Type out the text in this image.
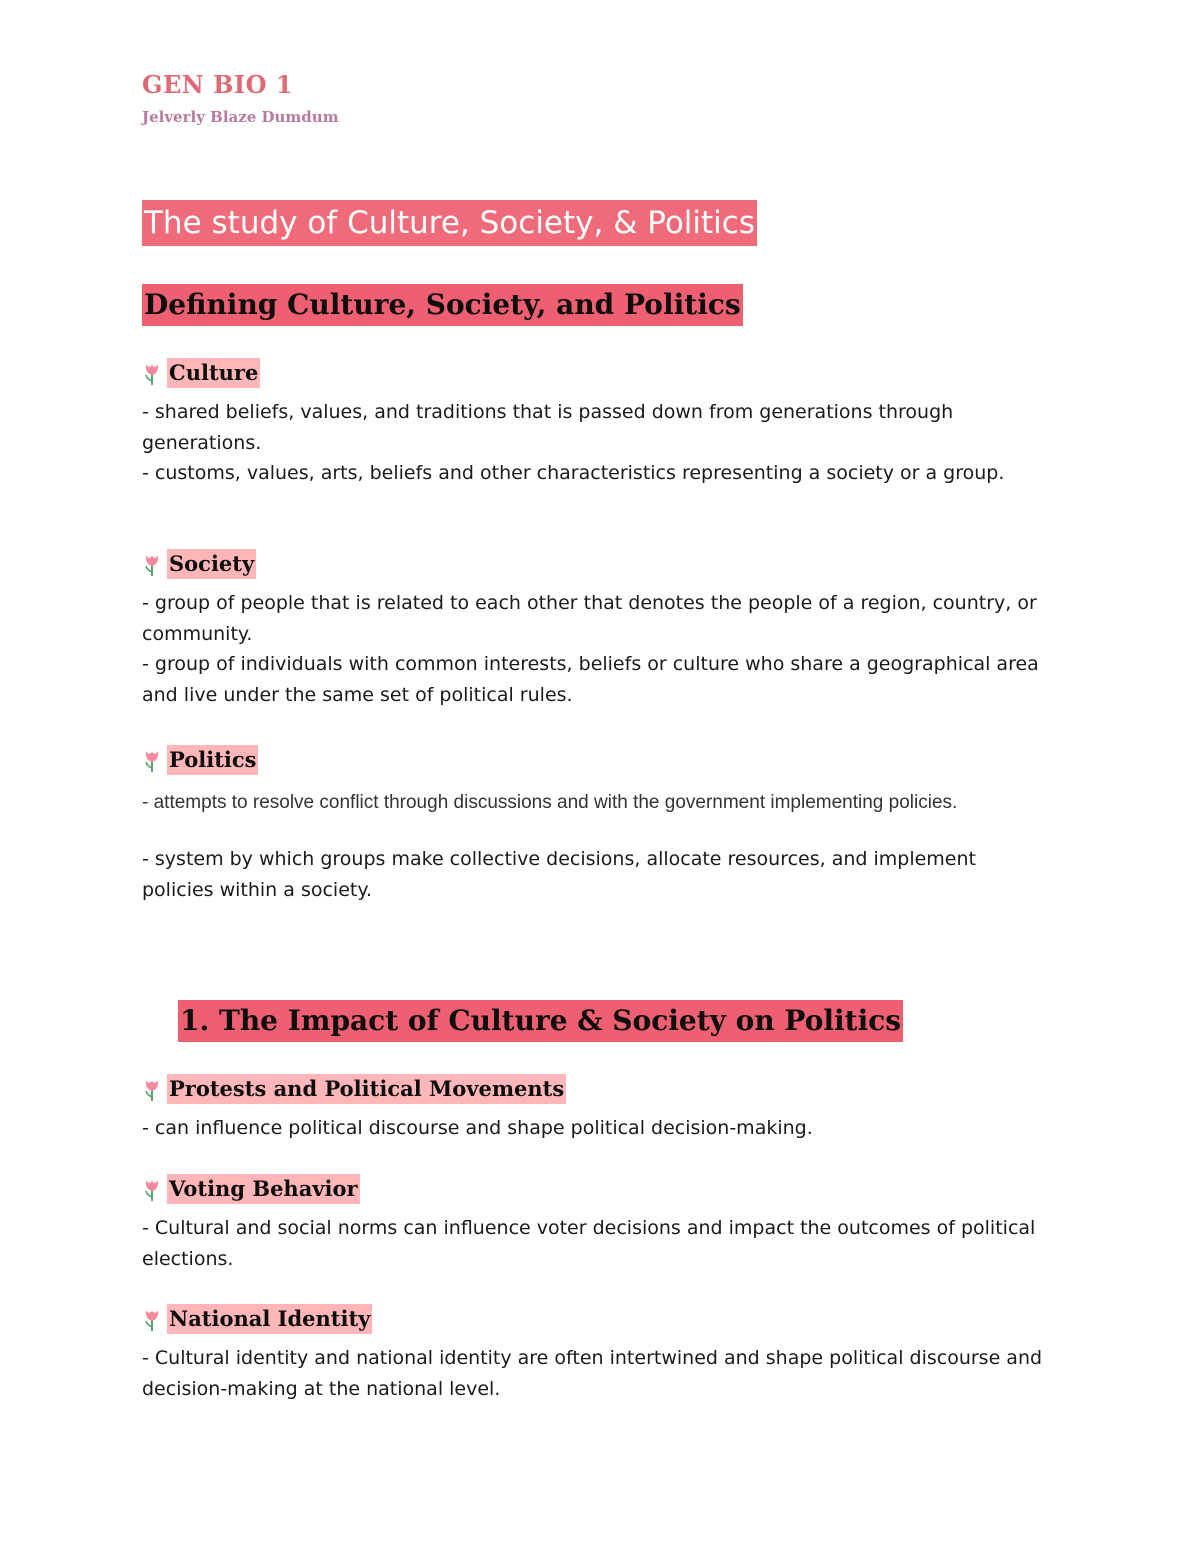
GEN BIO 1
Jelverly Blaze Dumdum
The study of Culture, Society, & Politics
Defining Culture, Society, and Politics
Culture

- shared beliefs, values, and traditions that is passed down from generations through generations.

- customs, values, arts, beliefs and other characteristics representing a society or a group.

Society

- group of people that is related to each other that denotes the people of a region, country, or community.

- group of individuals with common interests, beliefs or culture who share a geographical area and live under the same set of political rules.

Politics

- attempts to resolve conflict through discussions and with the government implementing policies.

- system by which groups make collective decisions, allocate resources, and implement policies within a society.

1. The Impact of Culture & Society on Politics
Protests and Political Movements

- can influence political discourse and shape political decision-making.

Voting Behavior

- Cultural and social norms can influence voter decisions and impact the outcomes of political elections.

National Identity

- Cultural identity and national identity are often intertwined and shape political discourse and decision-making at the national level.
